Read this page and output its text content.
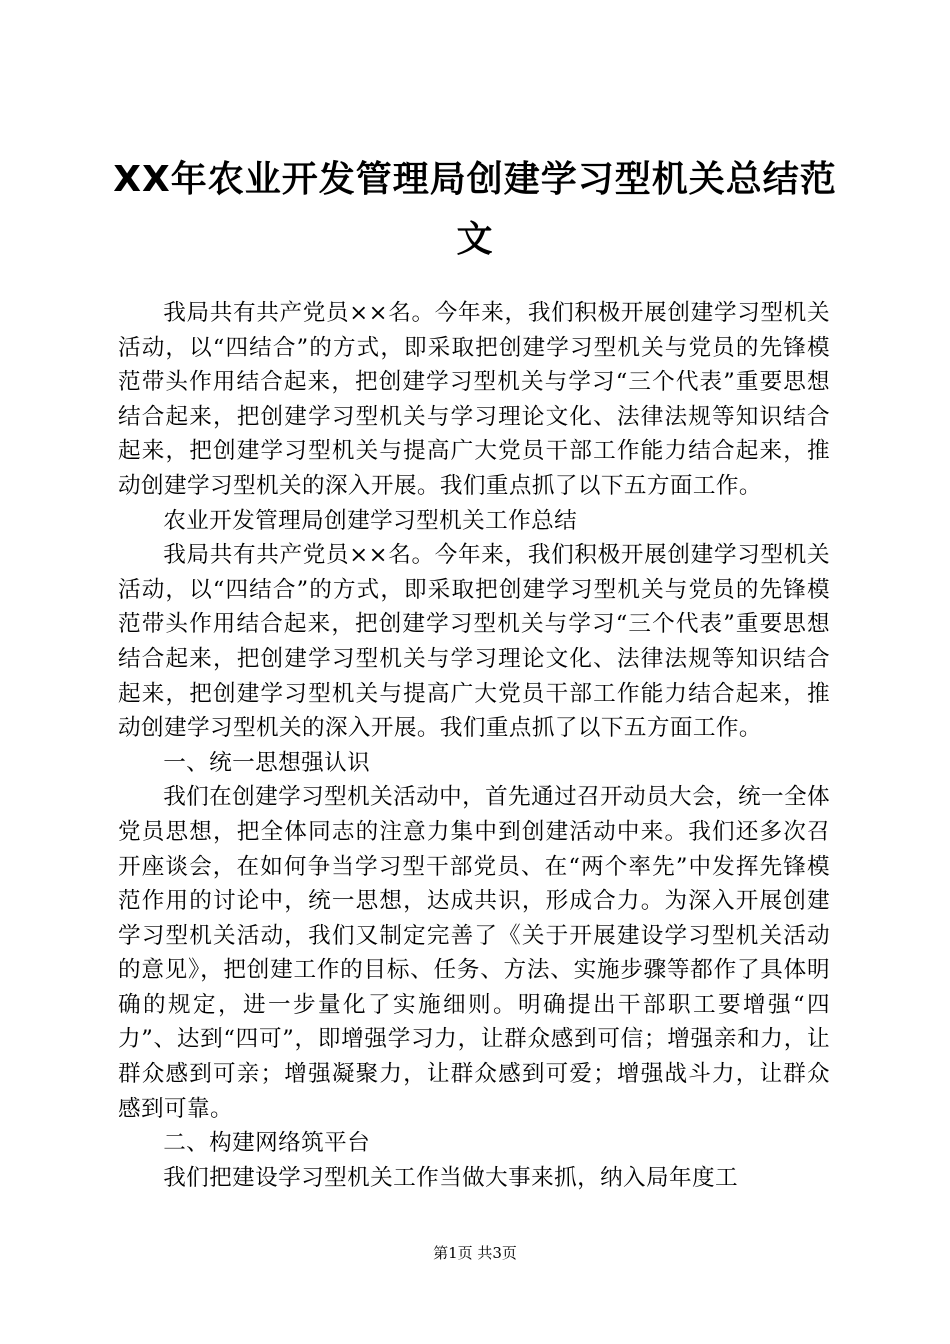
XX年农业开发管理局创建学习型机关总结范文

我局共有共产党员××名。今年来，我们积极开展创建学习型机关活动，以“四结合”的方式，即采取把创建学习型机关与党员的先锋模范带头作用结合起来，把创建学习型机关与学习“三个代表”重要思想结合起来，把创建学习型机关与学习理论文化、法律法规等知识结合起来，把创建学习型机关与提高广大党员干部工作能力结合起来，推动创建学习型机关的深入开展。我们重点抓了以下五方面工作。

农业开发管理局创建学习型机关工作总结

我局共有共产党员××名。今年来，我们积极开展创建学习型机关活动，以“四结合”的方式，即采取把创建学习型机关与党员的先锋模范带头作用结合起来，把创建学习型机关与学习“三个代表”重要思想结合起来，把创建学习型机关与学习理论文化、法律法规等知识结合起来，把创建学习型机关与提高广大党员干部工作能力结合起来，推动创建学习型机关的深入开展。我们重点抓了以下五方面工作。

一、统一思想强认识

我们在创建学习型机关活动中，首先通过召开动员大会，统一全体党员思想，把全体同志的注意力集中到创建活动中来。我们还多次召开座谈会，在如何争当学习型干部党员、在“两个率先”中发挥先锋模范作用的讨论中，统一思想，达成共识，形成合力。为深入开展创建学习型机关活动，我们又制定完善了《关于开展建设学习型机关活动的意见》，把创建工作的目标、任务、方法、实施步骤等都作了具体明确的规定，进一步量化了实施细则。明确提出干部职工要增强“四力”、达到“四可”，即增强学习力，让群众感到可信；增强亲和力，让群众感到可亲；增强凝聚力，让群众感到可爱；增强战斗力，让群众感到可靠。

二、构建网络筑平台

我们把建设学习型机关工作当做大事来抓，纳入局年度工

第1页 共3页
